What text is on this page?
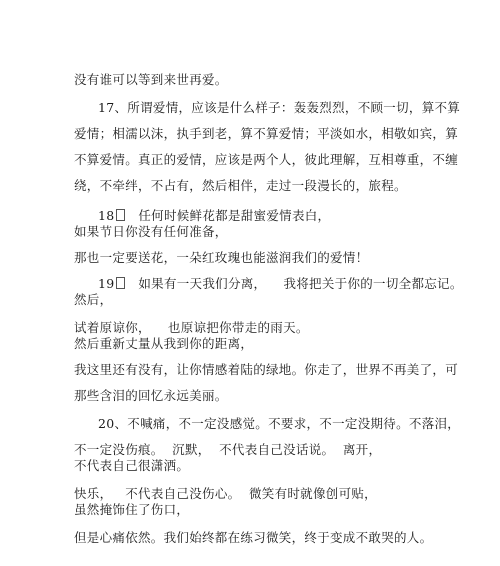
没有谁可以等到来世再爱。
17、所谓爱情，应该是什么样子：轰轰烈烈，不顾一切，算不算
爱情；相濡以沫，执手到老，算不算爱情；平淡如水，相敬如宾，算
不算爱情。真正的爱情，应该是两个人，彼此理解，互相尊重，不缠
绕，不牵绊，不占有，然后相伴，走过一段漫长的，旅程。
18 任何时候鲜花都是甜蜜爱情表白，
如果节日你没有任何准备，
那也一定要送花，一朵红玫瑰也能滋润我们的爱情！
19 如果有一天我们分离，    我将把关于你的一切全都忘记。
然后，
试着原谅你，    也原谅把你带走的雨天。
然后重新丈量从我到你的距离，
我这里还有没有，让你情感着陆的绿地。你走了，世界不再美了，可
那些含泪的回忆永远美丽。
20、不喊痛，不一定没感觉。不要求，不一定没期待。不落泪，
不一定没伤痕。  沉默，  不代表自己没话说。  离开，
不代表自己很潇洒。
快乐，   不代表自己没伤心。  微笑有时就像创可贴，
虽然掩饰住了伤口，
但是心痛依然。我们始终都在练习微笑，终于变成不敢哭的人。
